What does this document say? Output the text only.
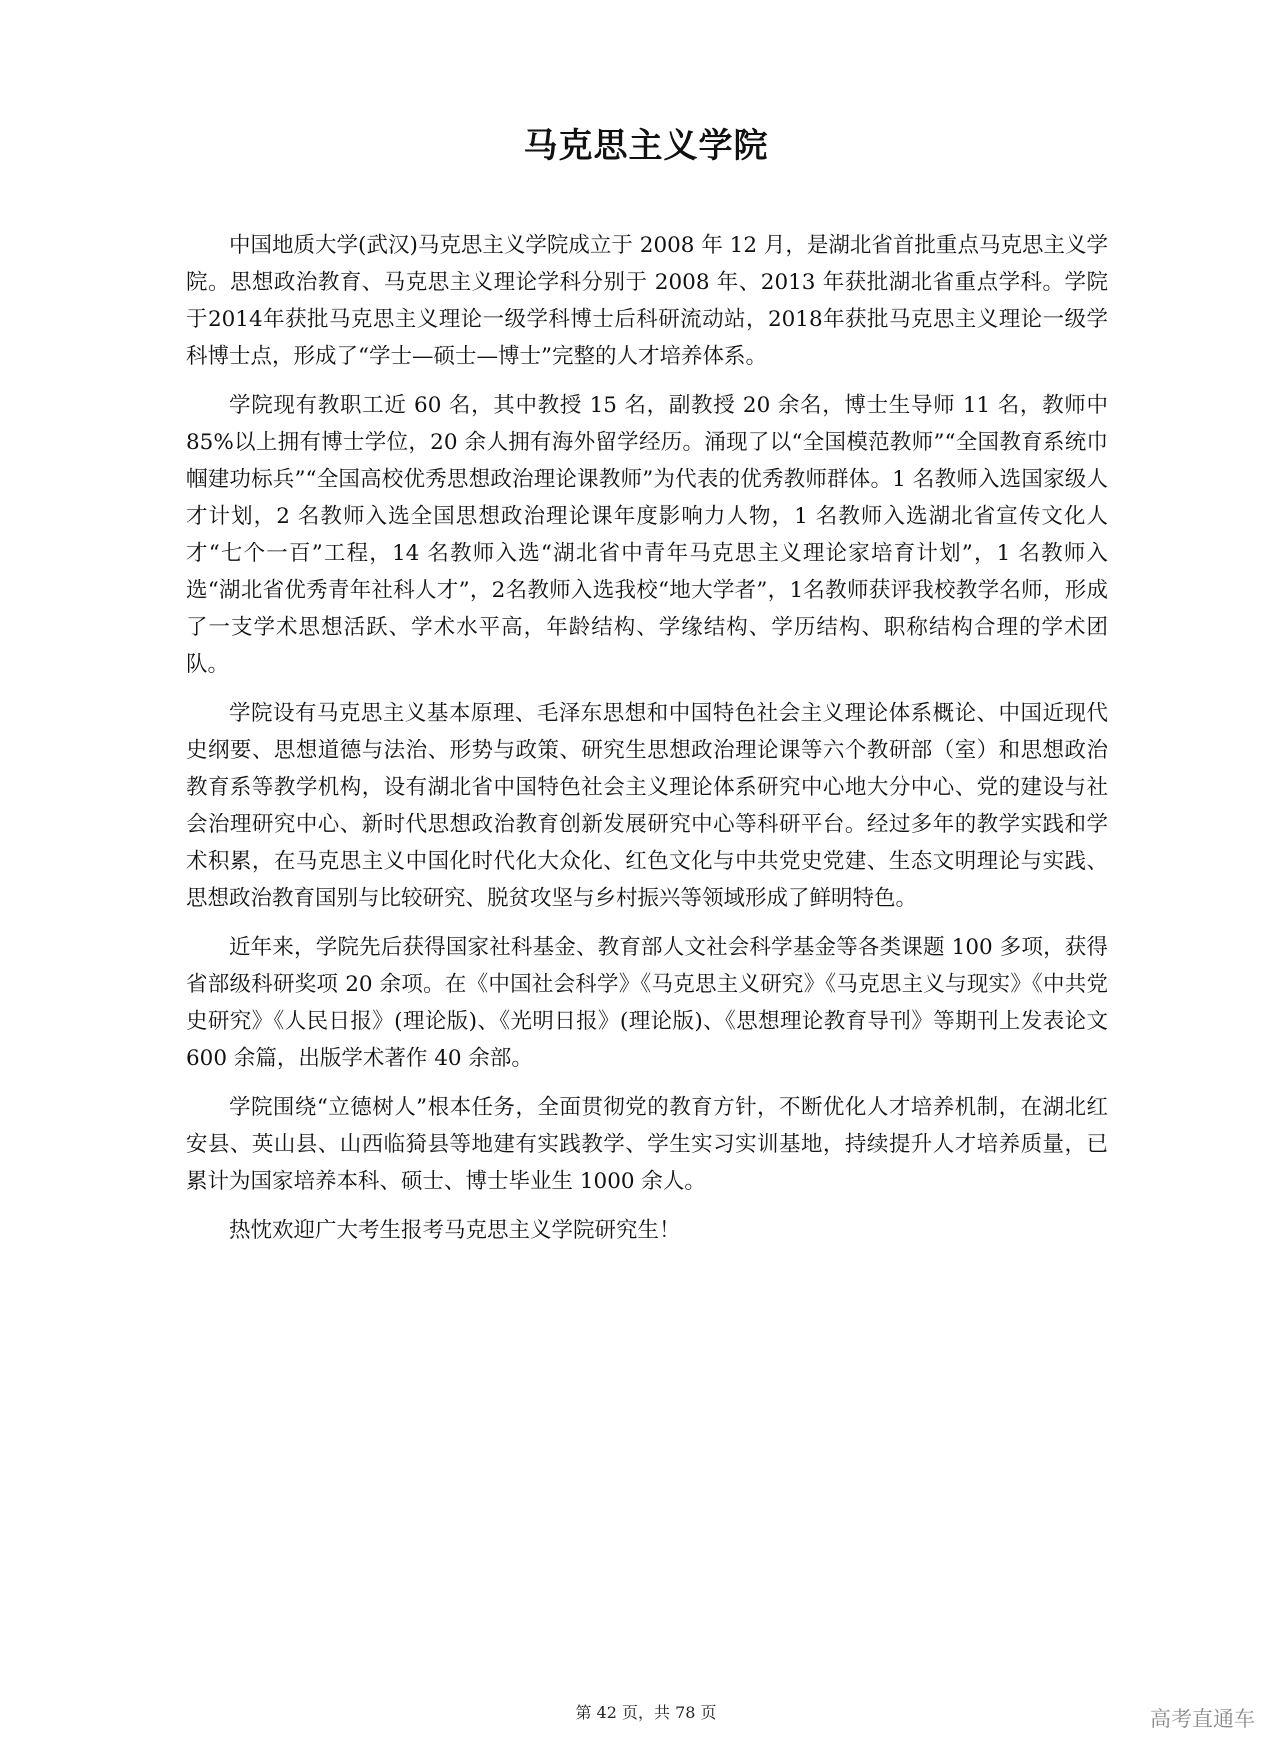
马克思主义学院

中国地质大学(武汉)马克思主义学院成立于 2008 年 12 月，是湖北省首批重点马克思主义学院。思想政治教育、马克思主义理论学科分别于 2008 年、2013 年获批湖北省重点学科。学院于2014年获批马克思主义理论一级学科博士后科研流动站，2018年获批马克思主义理论一级学科博士点，形成了“学士—硕士—博士”完整的人才培养体系。

学院现有教职工近 60 名，其中教授 15 名，副教授 20 余名，博士生导师 11 名，教师中 85%以上拥有博士学位，20 余人拥有海外留学经历。涌现了以“全国模范教师”“全国教育系统巾帼建功标兵”“全国高校优秀思想政治理论课教师”为代表的优秀教师群体。1 名教师入选国家级人才计划，2 名教师入选全国思想政治理论课年度影响力人物，1 名教师入选湖北省宣传文化人才“七个一百”工程，14 名教师入选“湖北省中青年马克思主义理论家培育计划”，1 名教师入选“湖北省优秀青年社科人才”，2名教师入选我校“地大学者”，1名教师获评我校教学名师，形成了一支学术思想活跃、学术水平高，年龄结构、学缘结构、学历结构、职称结构合理的学术团队。

学院设有马克思主义基本原理、毛泽东思想和中国特色社会主义理论体系概论、中国近现代史纲要、思想道德与法治、形势与政策、研究生思想政治理论课等六个教研部（室）和思想政治教育系等教学机构，设有湖北省中国特色社会主义理论体系研究中心地大分中心、党的建设与社会治理研究中心、新时代思想政治教育创新发展研究中心等科研平台。经过多年的教学实践和学术积累，在马克思主义中国化时代化大众化、红色文化与中共党史党建、生态文明理论与实践、思想政治教育国别与比较研究、脱贫攻坚与乡村振兴等领域形成了鲜明特色。

近年来，学院先后获得国家社科基金、教育部人文社会科学基金等各类课题 100 多项，获得省部级科研奖项 20 余项。在《中国社会科学》《马克思主义研究》《马克思主义与现实》《中共党史研究》《人民日报》(理论版)、《光明日报》(理论版)、《思想理论教育导刊》等期刊上发表论文 600 余篇，出版学术著作 40 余部。

学院围绕“立德树人”根本任务，全面贯彻党的教育方针，不断优化人才培养机制，在湖北红安县、英山县、山西临猗县等地建有实践教学、学生实习实训基地，持续提升人才培养质量，已累计为国家培养本科、硕士、博士毕业生 1000 余人。

热忱欢迎广大考生报考马克思主义学院研究生！

第 42 页，共 78 页	高考直通车
